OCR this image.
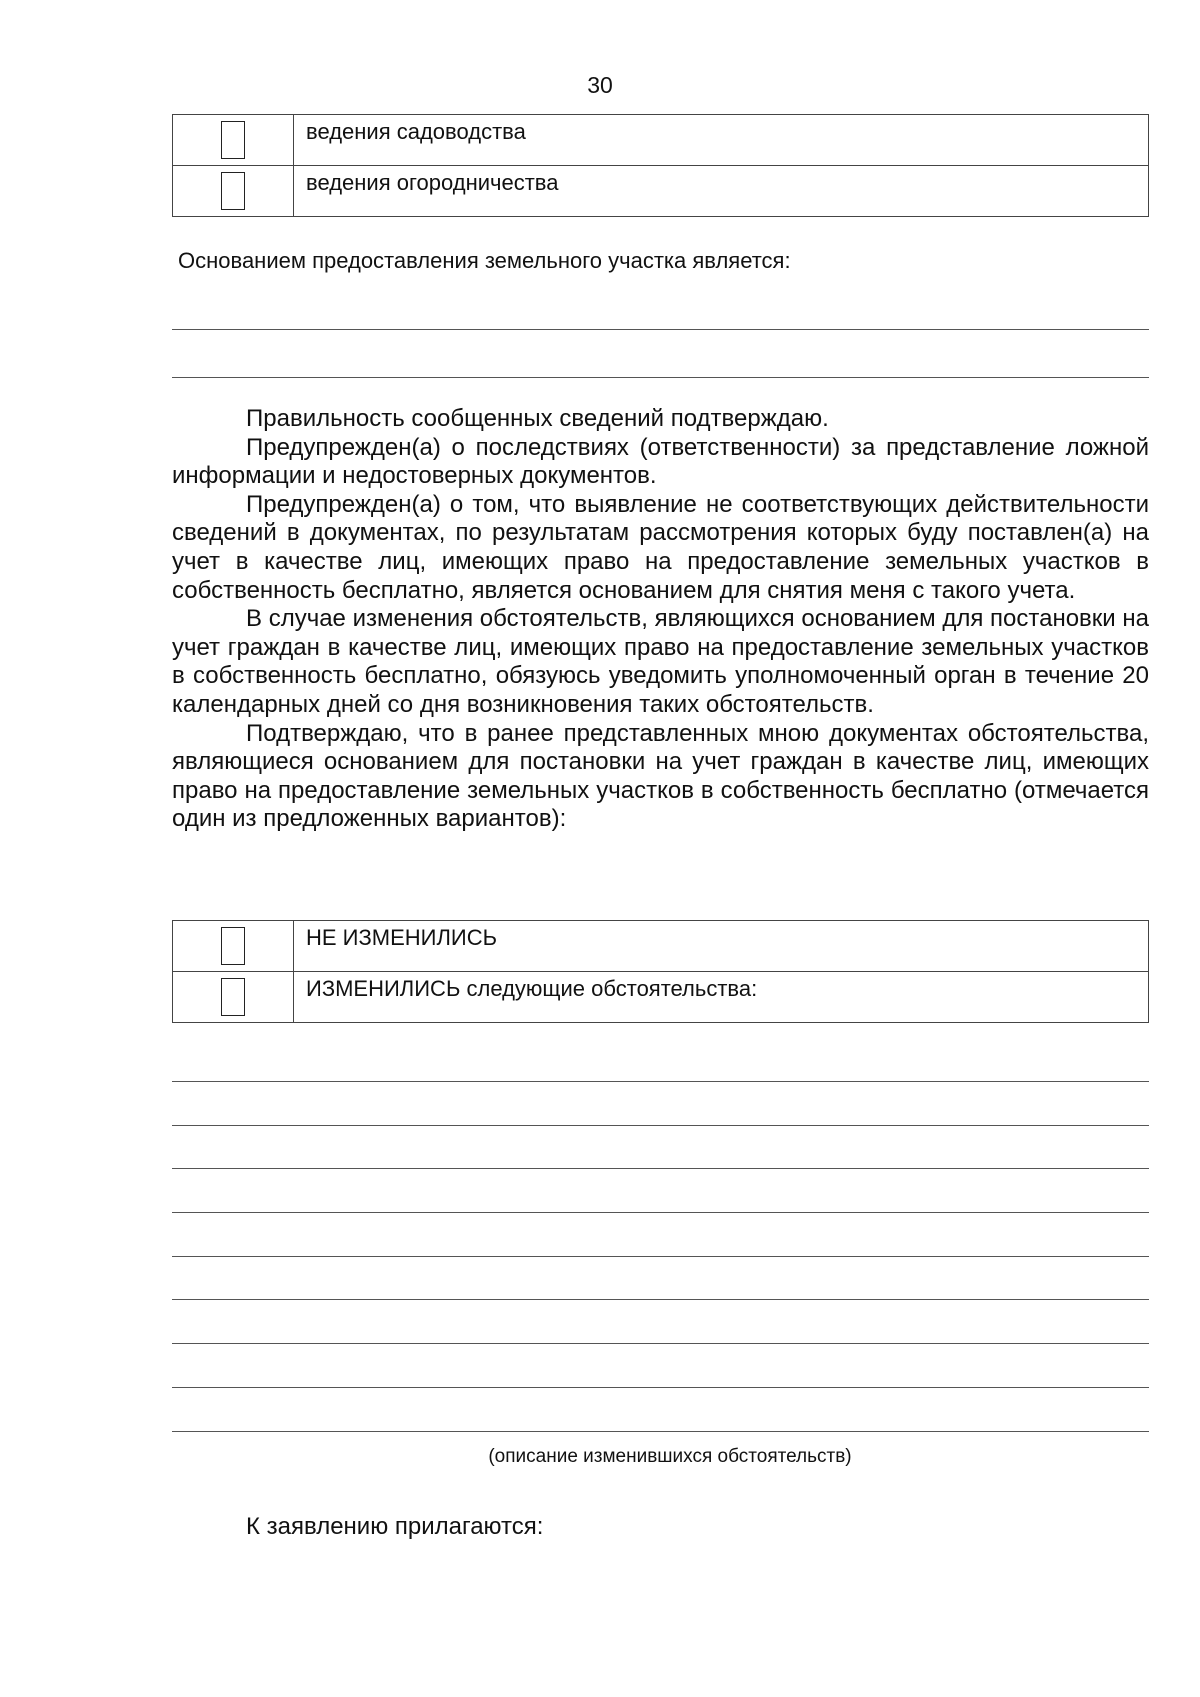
30
	ведения садоводства
	ведения огородничества
Основанием предоставления земельного участка является:

Правильность сообщенных сведений подтверждаю.

Предупрежден(а) о последствиях (ответственности) за представление ложной информации и недостоверных документов.

Предупрежден(а) о том, что выявление не соответствующих действительности сведений в документах, по результатам рассмотрения которых буду поставлен(а) на учет в качестве лиц, имеющих право на предоставление земельных участков в собственность бесплатно, является основанием для снятия меня с такого учета.

В случае изменения обстоятельств, являющихся основанием для постановки на учет граждан в качестве лиц, имеющих право на предоставление земельных участков в собственность бесплатно, обязуюсь уведомить уполномоченный орган в течение 20 календарных дней со дня возникновения таких обстоятельств.

Подтверждаю, что в ранее представленных мною документах обстоятельства, являющиеся основанием для постановки на учет граждан в качестве лиц, имеющих право на предоставление земельных участков в собственность бесплатно (отмечается один из предложенных вариантов):

	НЕ ИЗМЕНИЛИСЬ
	ИЗМЕНИЛИСЬ следующие обстоятельства:
(описание изменившихся обстоятельств)
К заявлению прилагаются:
